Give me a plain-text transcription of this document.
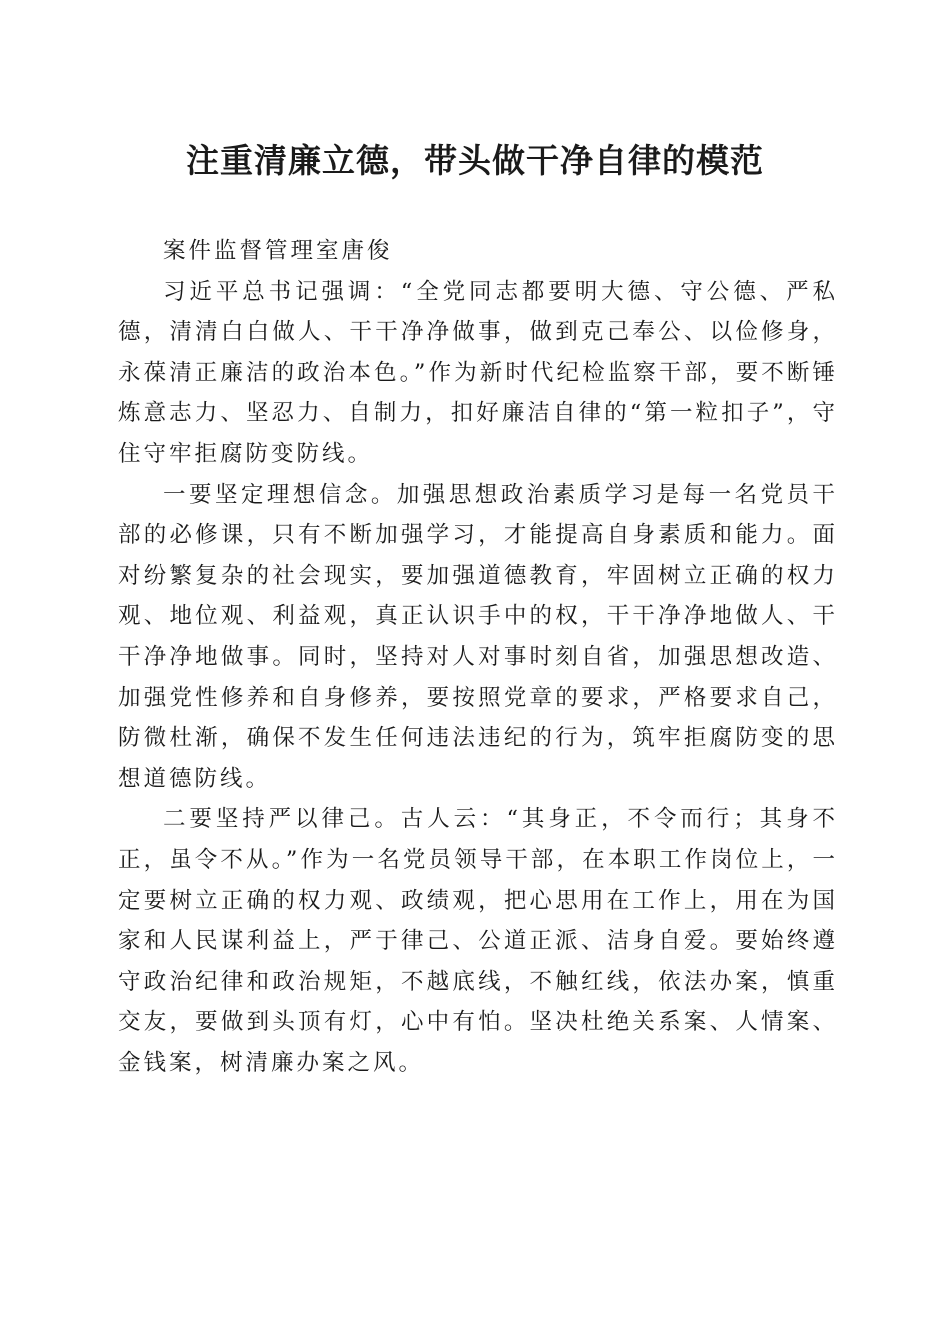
注重清廉立德，带头做干净自律的模范

案件监督管理室唐俊

习近平总书记强调：“全党同志都要明大德、守公德、严私德，清清白白做人、干干净净做事，做到克己奉公、以俭修身，永葆清正廉洁的政治本色。”作为新时代纪检监察干部，要不断锤炼意志力、坚忍力、自制力，扣好廉洁自律的“第一粒扣子”，守住守牢拒腐防变防线。

一要坚定理想信念。加强思想政治素质学习是每一名党员干部的必修课，只有不断加强学习，才能提高自身素质和能力。面对纷繁复杂的社会现实，要加强道德教育，牢固树立正确的权力观、地位观、利益观，真正认识手中的权，干干净净地做人、干干净净地做事。同时，坚持对人对事时刻自省，加强思想改造、加强党性修养和自身修养，要按照党章的要求，严格要求自己，防微杜渐，确保不发生任何违法违纪的行为，筑牢拒腐防变的思想道德防线。

二要坚持严以律己。古人云：“其身正，不令而行；其身不正，虽令不从。”作为一名党员领导干部，在本职工作岗位上，一定要树立正确的权力观、政绩观，把心思用在工作上，用在为国家和人民谋利益上，严于律己、公道正派、洁身自爱。要始终遵守政治纪律和政治规矩，不越底线，不触红线，依法办案，慎重交友，要做到头顶有灯，心中有怕。坚决杜绝关系案、人情案、金钱案，树清廉办案之风。
